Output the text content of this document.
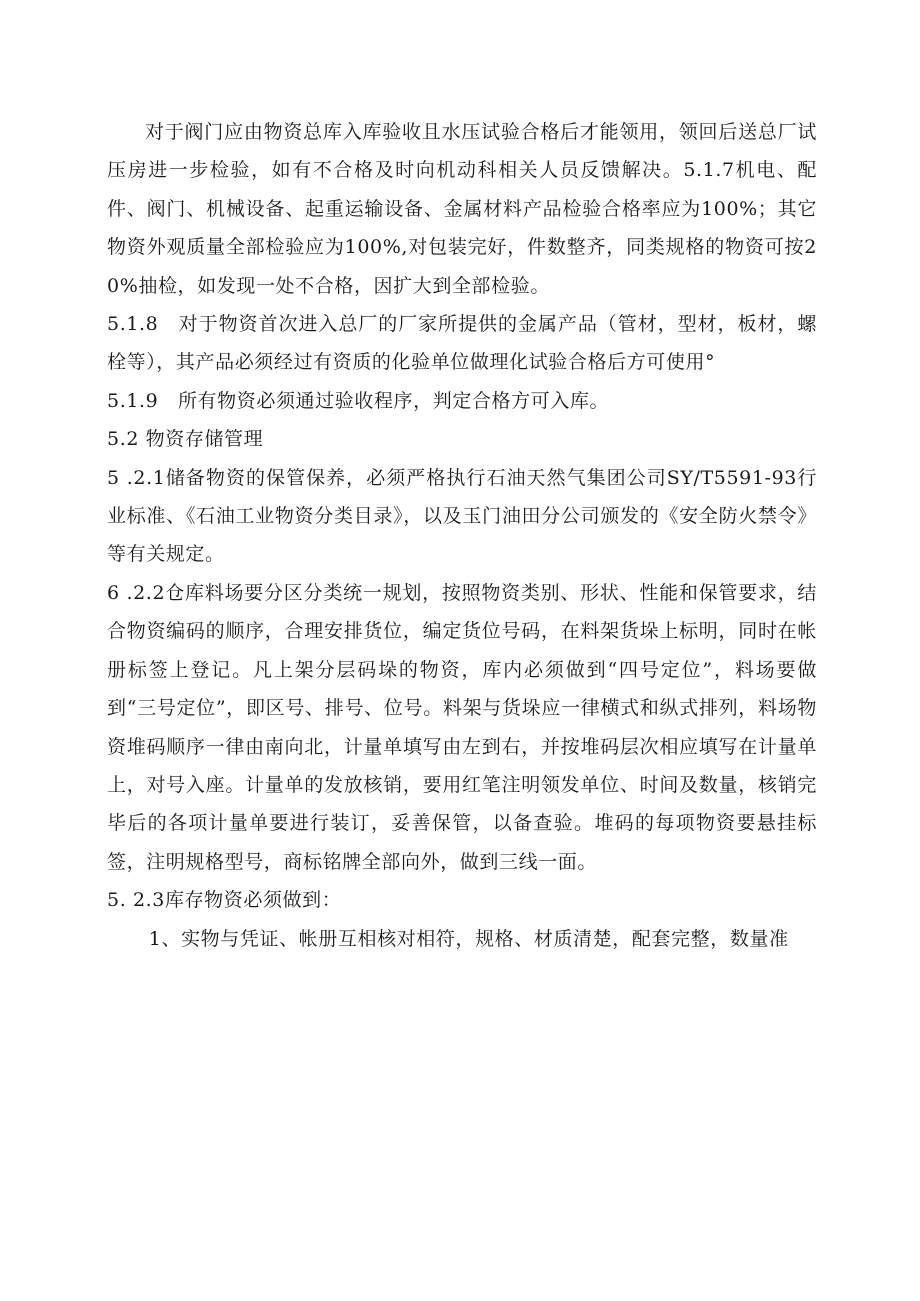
对于阀门应由物资总库入库验收且水压试验合格后才能领用，领回后送总厂试压房进一步检验，如有不合格及时向机动科相关人员反馈解决。5.1.7机电、配件、阀门、机械设备、起重运输设备、金属材料产品检验合格率应为100%；其它物资外观质量全部检验应为100%,对包装完好，件数整齐，同类规格的物资可按20%抽检，如发现一处不合格，因扩大到全部检验。

5.1.8　对于物资首次进入总厂的厂家所提供的金属产品（管材，型材，板材，螺栓等），其产品必须经过有资质的化验单位做理化试验合格后方可使用°

5.1.9　所有物资必须通过验收程序，判定合格方可入库。

5.2 物资存储管理

5 .2.1储备物资的保管保养，必须严格执行石油天然气集团公司SY/T5591-93行业标准、《石油工业物资分类目录》，以及玉门油田分公司颁发的《安全防火禁令》等有关规定。

6 .2.2仓库料场要分区分类统一规划，按照物资类别、形状、性能和保管要求，结合物资编码的顺序，合理安排货位，编定货位号码，在料架货垛上标明，同时在帐册标签上登记。凡上架分层码垛的物资，库内必须做到“四号定位”，料场要做到“三号定位”，即区号、排号、位号。料架与货垛应一律横式和纵式排列，料场物资堆码顺序一律由南向北，计量单填写由左到右，并按堆码层次相应填写在计量单上，对号入座。计量单的发放核销，要用红笔注明领发单位、时间及数量，核销完毕后的各项计量单要进行装订，妥善保管，以备查验。堆码的每项物资要悬挂标签，注明规格型号，商标铭牌全部向外，做到三线一面。

5. 2.3库存物资必须做到：

1、实物与凭证、帐册互相核对相符，规格、材质清楚，配套完整，数量准
